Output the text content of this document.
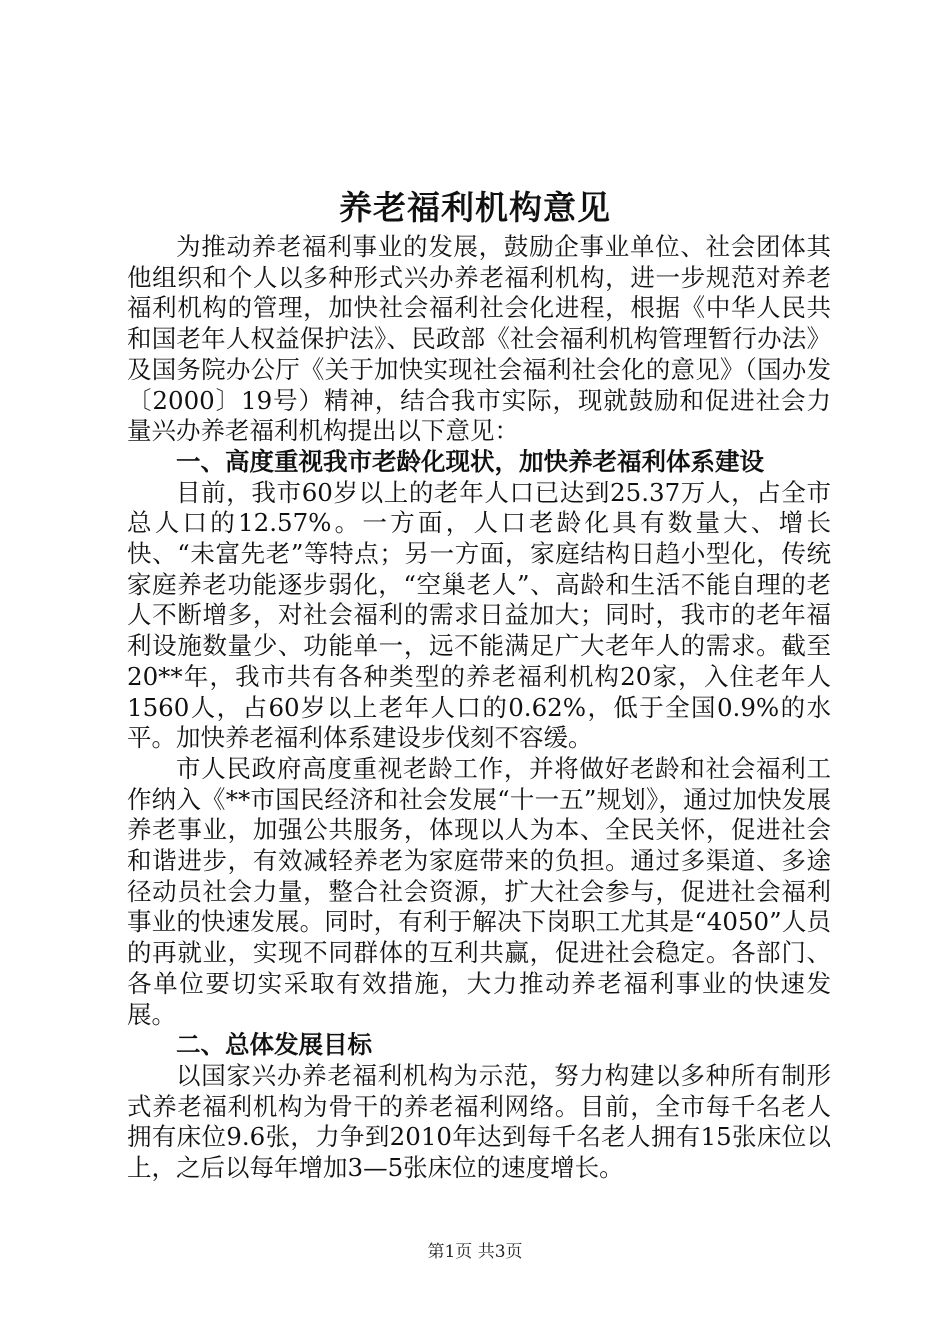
养老福利机构意见

为推动养老福利事业的发展，鼓励企事业单位、社会团体其他组织和个人以多种形式兴办养老福利机构，进一步规范对养老福利机构的管理，加快社会福利社会化进程，根据《中华人民共和国老年人权益保护法》、民政部《社会福利机构管理暂行办法》及国务院办公厅《关于加快实现社会福利社会化的意见》（国办发〔2000〕19号）精神，结合我市实际，现就鼓励和促进社会力量兴办养老福利机构提出以下意见：

一、高度重视我市老龄化现状，加快养老福利体系建设

目前，我市60岁以上的老年人口已达到25.37万人，占全市总人口的12.57%。一方面，人口老龄化具有数量大、增长快、“未富先老”等特点；另一方面，家庭结构日趋小型化，传统家庭养老功能逐步弱化，“空巢老人”、高龄和生活不能自理的老人不断增多，对社会福利的需求日益加大；同时，我市的老年福利设施数量少、功能单一，远不能满足广大老年人的需求。截至20**年，我市共有各种类型的养老福利机构20家，入住老年人1560人，占60岁以上老年人口的0.62%，低于全国0.9%的水平。加快养老福利体系建设步伐刻不容缓。

市人民政府高度重视老龄工作，并将做好老龄和社会福利工作纳入《**市国民经济和社会发展“十一五”规划》，通过加快发展养老事业，加强公共服务，体现以人为本、全民关怀，促进社会和谐进步，有效减轻养老为家庭带来的负担。通过多渠道、多途径动员社会力量，整合社会资源，扩大社会参与，促进社会福利事业的快速发展。同时，有利于解决下岗职工尤其是“4050”人员的再就业，实现不同群体的互利共赢，促进社会稳定。各部门、各单位要切实采取有效措施，大力推动养老福利事业的快速发展。

二、总体发展目标

以国家兴办养老福利机构为示范，努力构建以多种所有制形式养老福利机构为骨干的养老福利网络。目前，全市每千名老人拥有床位9.6张，力争到2010年达到每千名老人拥有15张床位以上，之后以每年增加3—5张床位的速度增长。

第1页 共3页
